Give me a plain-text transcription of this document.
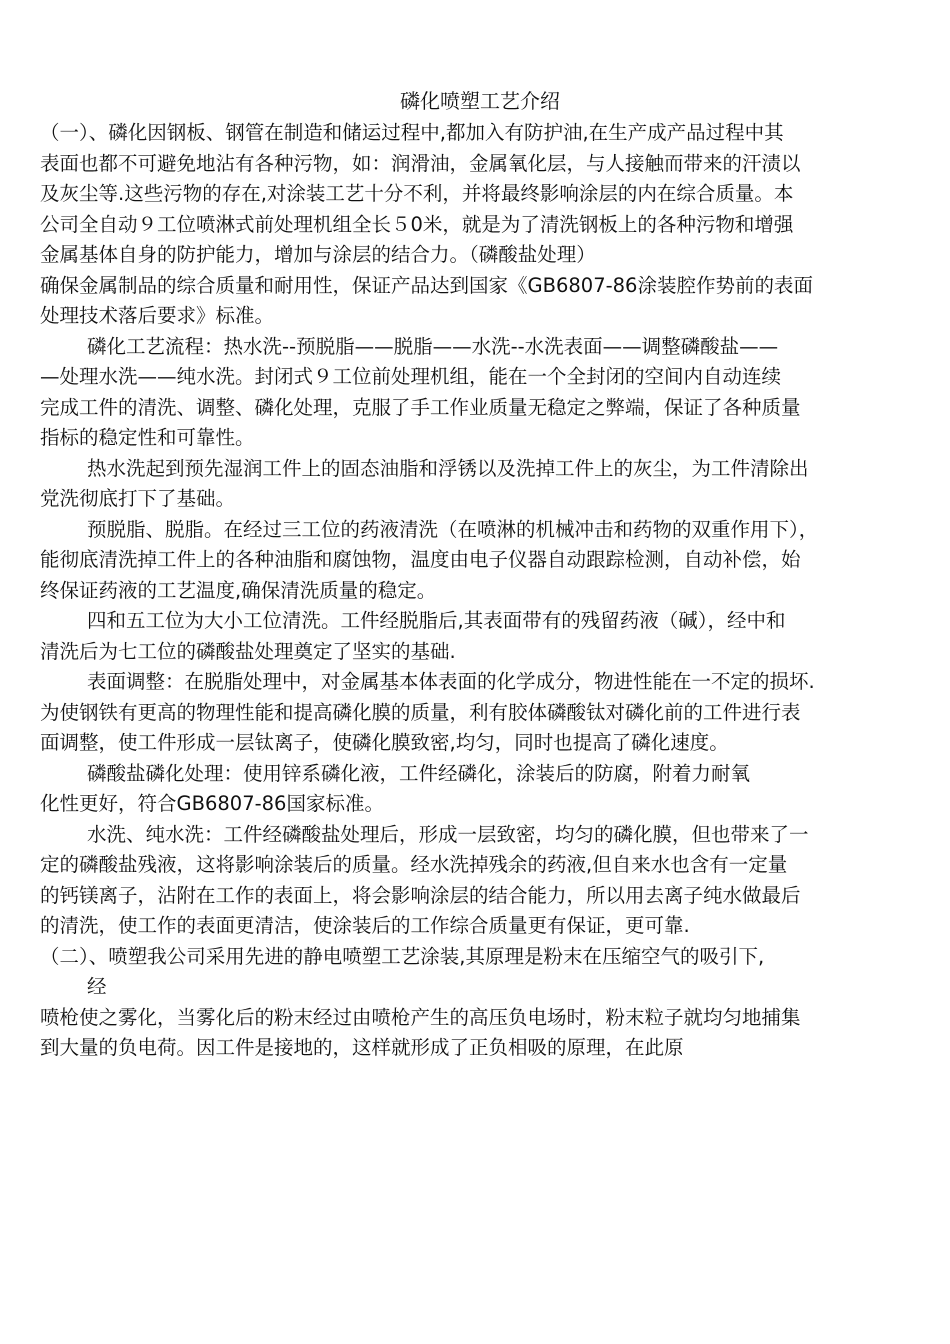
磷化喷塑工艺介绍
（一）、磷化因钢板、钢管在制造和储运过程中,都加入有防护油,在生产成产品过程中其
表面也都不可避免地沾有各种污物，如：润滑油，金属氧化层，与人接触而带来的汗渍以
及灰尘等.这些污物的存在,对涂装工艺十分不利，并将最终影响涂层的内在综合质量。本
公司全自动９工位喷淋式前处理机组全长５0米，就是为了清洗钢板上的各种污物和增强
金属基体自身的防护能力，增加与涂层的结合力。（磷酸盐处理）
确保金属制品的综合质量和耐用性，保证产品达到国家《GB6807-86涂装腔作势前的表面
处理技术落后要求》标准。
磷化工艺流程：热水洗--预脱脂——脱脂——水洗--水洗表面——调整磷酸盐——
—处理水洗——纯水洗。封闭式９工位前处理机组，能在一个全封闭的空间内自动连续
完成工件的清洗、调整、磷化处理，克服了手工作业质量无稳定之弊端，保证了各种质量
指标的稳定性和可靠性。
热水洗起到预先湿润工件上的固态油脂和浮锈以及洗掉工件上的灰尘，为工件清除出
党洗彻底打下了基础。
预脱脂、脱脂。在经过三工位的药液清洗（在喷淋的机械冲击和药物的双重作用下），
能彻底清洗掉工件上的各种油脂和腐蚀物，温度由电子仪器自动跟踪检测，自动补偿，始
终保证药液的工艺温度,确保清洗质量的稳定。
四和五工位为大小工位清洗。工件经脱脂后,其表面带有的残留药液（碱），经中和
清洗后为七工位的磷酸盐处理奠定了坚实的基础.
表面调整：在脱脂处理中，对金属基本体表面的化学成分，物进性能在一不定的损坏.
为使钢铁有更高的物理性能和提高磷化膜的质量，利有胶体磷酸钛对磷化前的工件进行表
面调整，使工件形成一层钛离子，使磷化膜致密,均匀，同时也提高了磷化速度。
磷酸盐磷化处理：使用锌系磷化液，工件经磷化，涂装后的防腐，附着力耐氧
化性更好，符合GB6807-86国家标准。
水洗、纯水洗：工件经磷酸盐处理后，形成一层致密，均匀的磷化膜，但也带来了一
定的磷酸盐残液，这将影响涂装后的质量。经水洗掉残余的药液,但自来水也含有一定量
的钙镁离子，沾附在工作的表面上，将会影响涂层的结合能力，所以用去离子纯水做最后
的清洗，使工作的表面更清洁，使涂装后的工作综合质量更有保证，更可靠.
（二）、喷塑我公司采用先进的静电喷塑工艺涂装,其原理是粉末在压缩空气的吸引下,
经
喷枪使之雾化，当雾化后的粉末经过由喷枪产生的高压负电场时，粉末粒子就均匀地捕集
到大量的负电荷。因工件是接地的，这样就形成了正负相吸的原理，在此原
